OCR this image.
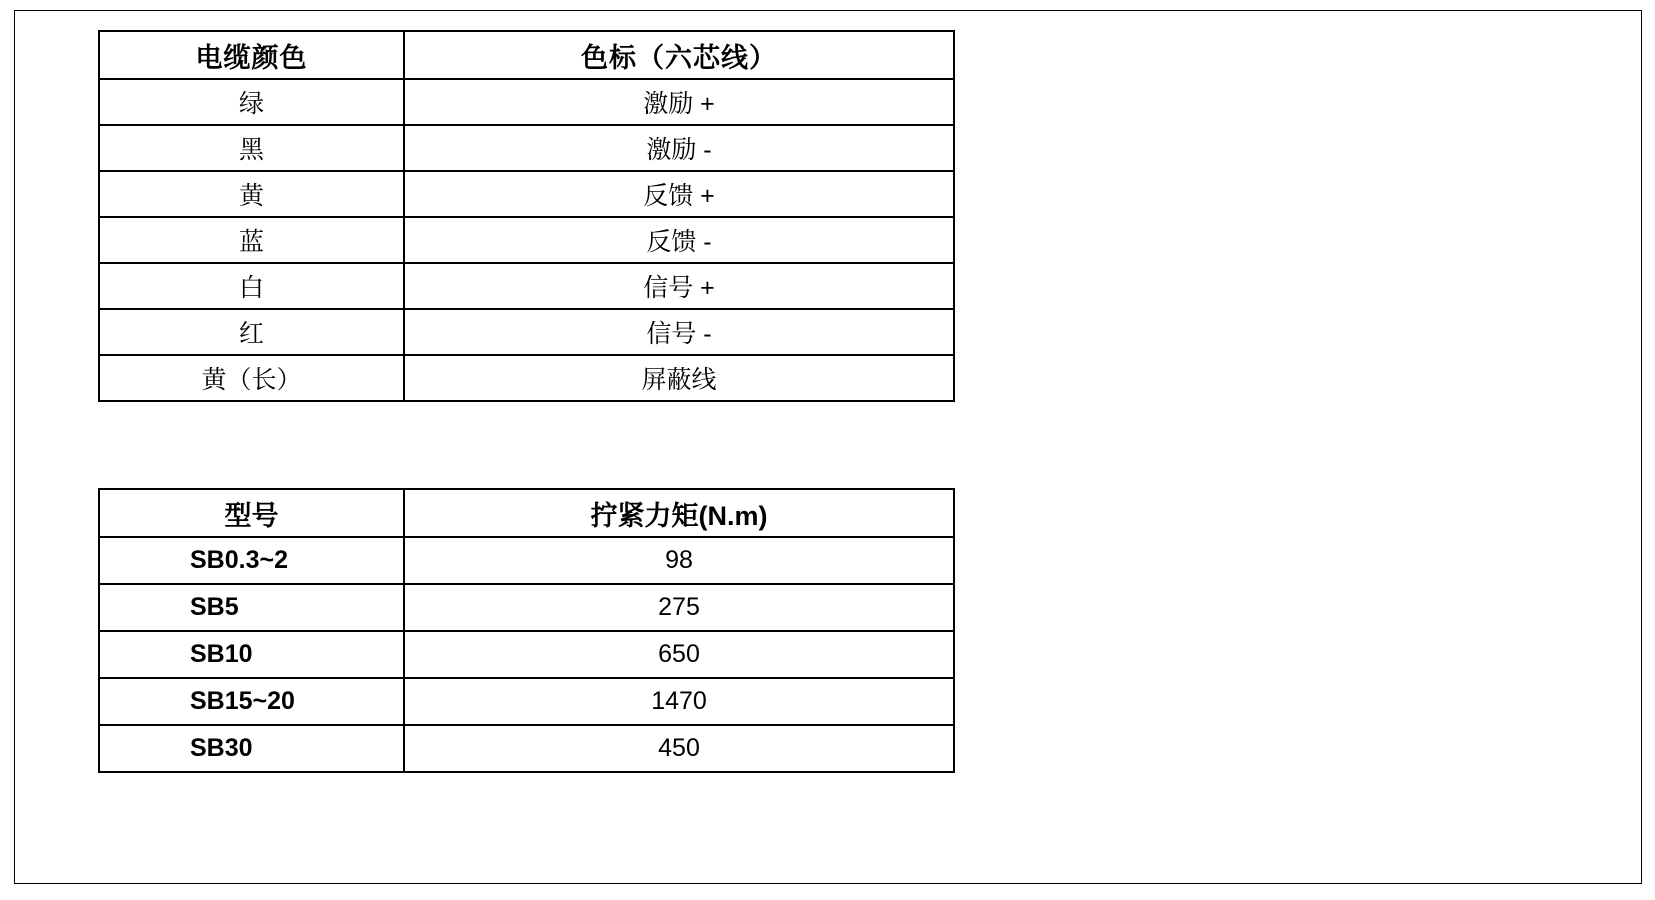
电缆颜色	色标（六芯线）
绿	激励 +
黑	激励 -
黄	反馈 +
蓝	反馈 -
白	信号 +
红	信号 -
黄（长）	屏蔽线
型号	拧紧力矩(N.m)
SB0.3~2	98
SB5	275
SB10	650
SB15~20	1470
SB30	450
